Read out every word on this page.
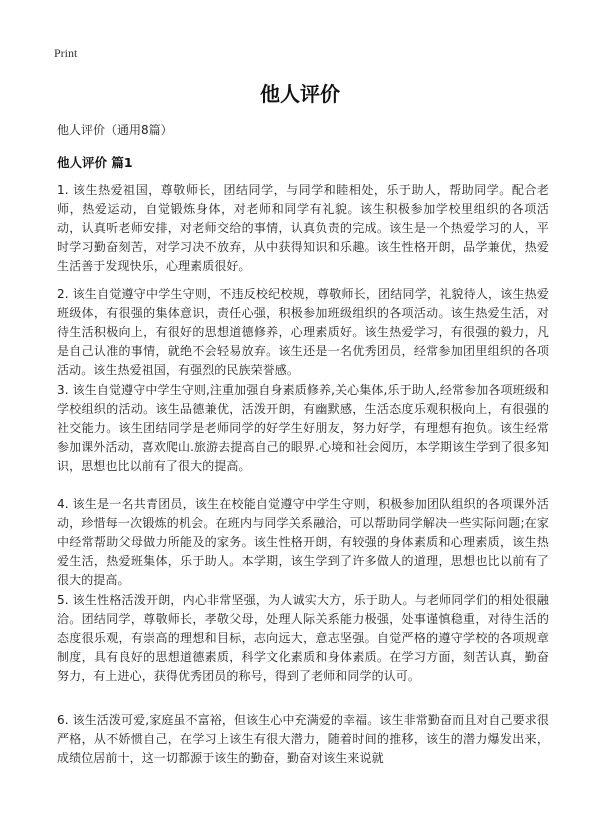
Print
他人评价
他人评价（通用8篇）
他人评价 篇1
1. 该生热爱祖国，尊敬师长，团结同学，与同学和睦相处，乐于助人，帮助同学。配合老师，热爱运动，自觉锻炼身体，对老师和同学有礼貌。该生积极参加学校里组织的各项活动，认真听老师安排，对老师交给的事情，认真负责的完成。该生是一个热爱学习的人，平时学习勤奋刻苦，对学习决不放弃，从中获得知识和乐趣。该生性格开朗，品学兼优，热爱生活善于发现快乐，心理素质很好。
2. 该生自觉遵守中学生守则，不违反校纪校规，尊敬师长，团结同学，礼貌待人，该生热爱班级体，有很强的集体意识，责任心强，积极参加班级组织的各项活动。该生热爱生活，对待生活积极向上，有很好的思想道德修养，心理素质好。该生热爱学习，有很强的毅力，凡是自己认准的事情，就绝不会轻易放弃。该生还是一名优秀团员，经常参加团里组织的各项活动。该生热爱祖国，有强烈的民族荣誉感。
3. 该生自觉遵守中学生守则,注重加强自身素质修养,关心集体,乐于助人,经常参加各项班级和学校组织的活动。该生品德兼优，活泼开朗，有幽默感，生活态度乐观积极向上，有很强的社交能力。该生团结同学是老师同学的好学生好朋友，努力好学，有理想有抱负。该生经常参加课外活动，喜欢爬山.旅游去提高自己的眼界.心境和社会阅历，本学期该生学到了很多知识，思想也比以前有了很大的提高。
4. 该生是一名共青团员，该生在校能自觉遵守中学生守则，积极参加团队组织的各项课外活动，珍惜每一次锻炼的机会。在班内与同学关系融洽，可以帮助同学解决一些实际问题;在家中经常帮助父母做力所能及的家务。该生性格开朗，有较强的身体素质和心理素质，该生热爱生活，热爱班集体，乐于助人。本学期，该生学到了许多做人的道理，思想也比以前有了很大的提高。
5. 该生性格活泼开朗，内心非常坚强，为人诚实大方，乐于助人。与老师同学们的相处很融洽。团结同学，尊敬师长，孝敬父母，处理人际关系能力极强，处事谨慎稳重，对待生活的态度很乐观，有崇高的理想和目标，志向远大，意志坚强。自觉严格的遵守学校的各项规章制度，具有良好的思想道德素质，科学文化素质和身体素质。在学习方面，刻苦认真，勤奋努力，有上进心，获得优秀团员的称号，得到了老师和同学的认可。
6. 该生活泼可爱,家庭虽不富裕，但该生心中充满爱的幸福。该生非常勤奋而且对自己要求很严格，从不娇惯自己，在学习上该生有很大潜力，随着时间的推移，该生的潜力爆发出来，成绩位居前十，这一切都源于该生的勤奋，勤奋对该生来说就
